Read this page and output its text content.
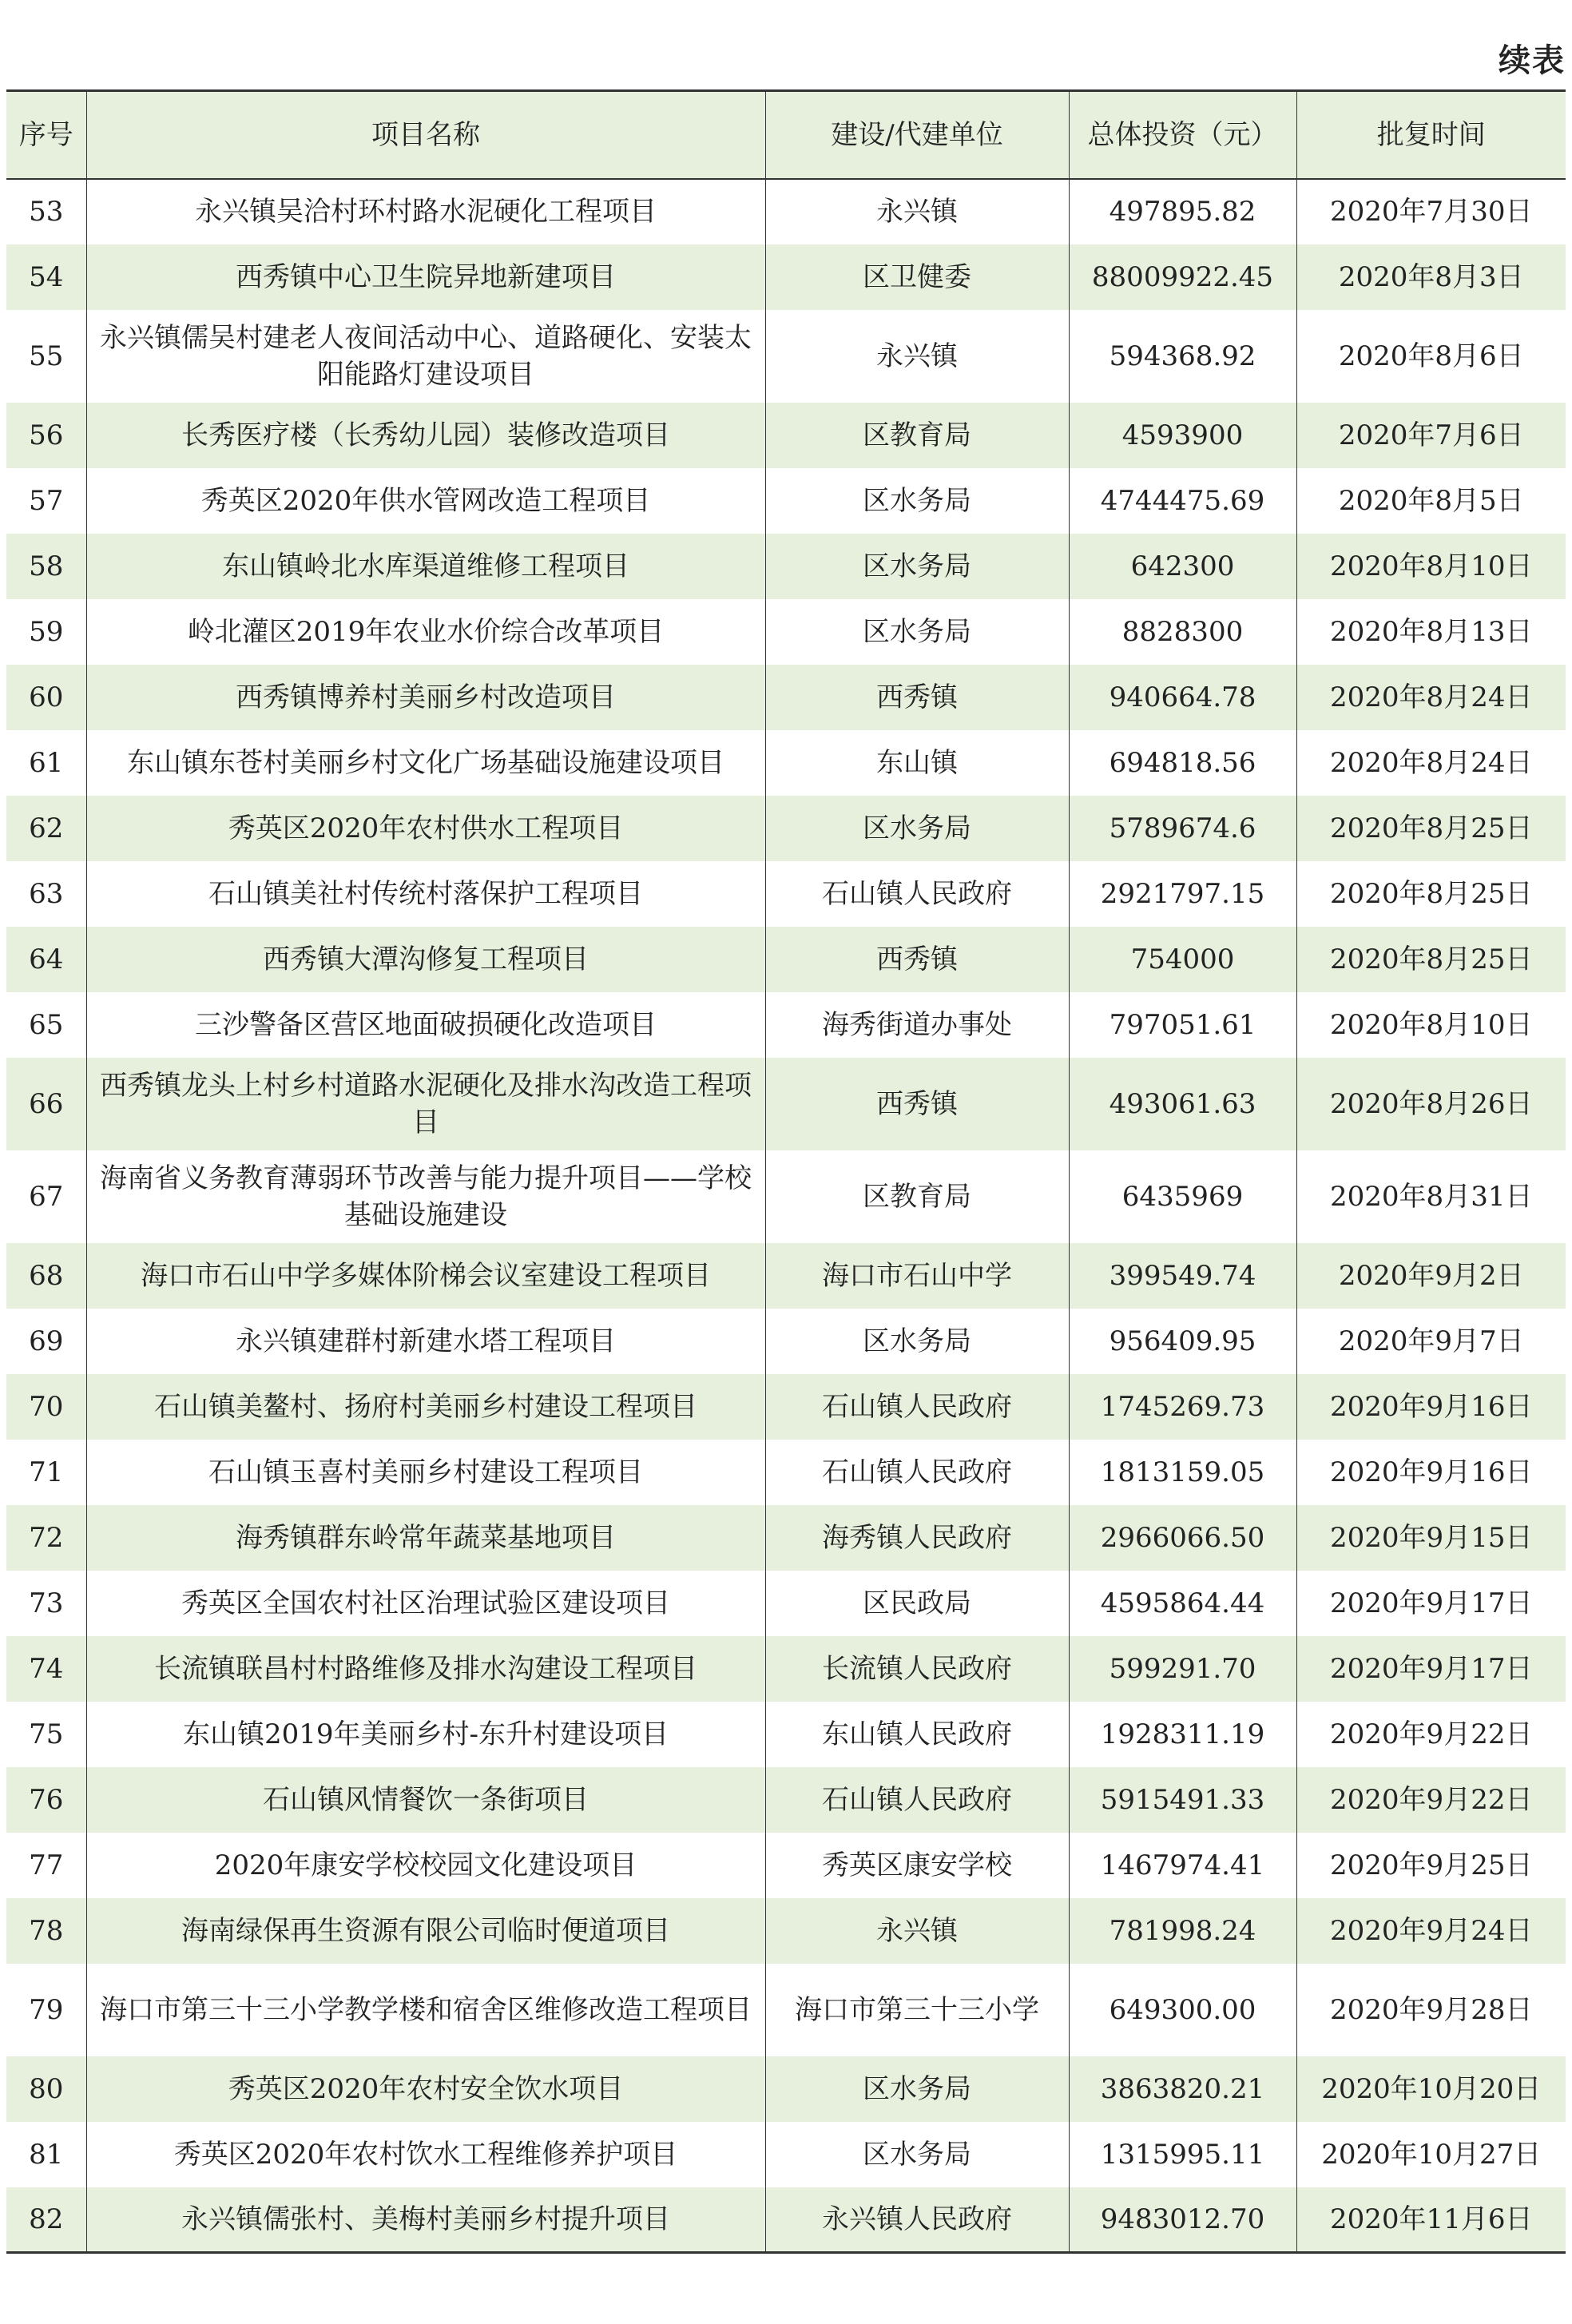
续表
序号	项目名称	建设/代建单位	总体投资（元）	批复时间
53	永兴镇吴洽村环村路水泥硬化工程项目	永兴镇	497895.82	2020年7月30日
54	西秀镇中心卫生院异地新建项目	区卫健委	88009922.45	2020年8月3日
55	永兴镇儒吴村建老人夜间活动中心、道路硬化、安装太阳能路灯建设项目	永兴镇	594368.92	2020年8月6日
56	长秀医疗楼（长秀幼儿园）装修改造项目	区教育局	4593900	2020年7月6日
57	秀英区2020年供水管网改造工程项目	区水务局	4744475.69	2020年8月5日
58	东山镇岭北水库渠道维修工程项目	区水务局	642300	2020年8月10日
59	岭北灌区2019年农业水价综合改革项目	区水务局	8828300	2020年8月13日
60	西秀镇博养村美丽乡村改造项目	西秀镇	940664.78	2020年8月24日
61	东山镇东苍村美丽乡村文化广场基础设施建设项目	东山镇	694818.56	2020年8月24日
62	秀英区2020年农村供水工程项目	区水务局	5789674.6	2020年8月25日
63	石山镇美社村传统村落保护工程项目	石山镇人民政府	2921797.15	2020年8月25日
64	西秀镇大潭沟修复工程项目	西秀镇	754000	2020年8月25日
65	三沙警备区营区地面破损硬化改造项目	海秀街道办事处	797051.61	2020年8月10日
66	西秀镇龙头上村乡村道路水泥硬化及排水沟改造工程项目	西秀镇	493061.63	2020年8月26日
67	海南省义务教育薄弱环节改善与能力提升项目——学校基础设施建设	区教育局	6435969	2020年8月31日
68	海口市石山中学多媒体阶梯会议室建设工程项目	海口市石山中学	399549.74	2020年9月2日
69	永兴镇建群村新建水塔工程项目	区水务局	956409.95	2020年9月7日
70	石山镇美鳌村、扬府村美丽乡村建设工程项目	石山镇人民政府	1745269.73	2020年9月16日
71	石山镇玉喜村美丽乡村建设工程项目	石山镇人民政府	1813159.05	2020年9月16日
72	海秀镇群东岭常年蔬菜基地项目	海秀镇人民政府	2966066.50	2020年9月15日
73	秀英区全国农村社区治理试验区建设项目	区民政局	4595864.44	2020年9月17日
74	长流镇联昌村村路维修及排水沟建设工程项目	长流镇人民政府	599291.70	2020年9月17日
75	东山镇2019年美丽乡村-东升村建设项目	东山镇人民政府	1928311.19	2020年9月22日
76	石山镇风情餐饮一条街项目	石山镇人民政府	5915491.33	2020年9月22日
77	2020年康安学校校园文化建设项目	秀英区康安学校	1467974.41	2020年9月25日
78	海南绿保再生资源有限公司临时便道项目	永兴镇	781998.24	2020年9月24日
79	海口市第三十三小学教学楼和宿舍区维修改造工程项目	海口市第三十三小学	649300.00	2020年9月28日
80	秀英区2020年农村安全饮水项目	区水务局	3863820.21	2020年10月20日
81	秀英区2020年农村饮水工程维修养护项目	区水务局	1315995.11	2020年10月27日
82	永兴镇儒张村、美梅村美丽乡村提升项目	永兴镇人民政府	9483012.70	2020年11月6日
